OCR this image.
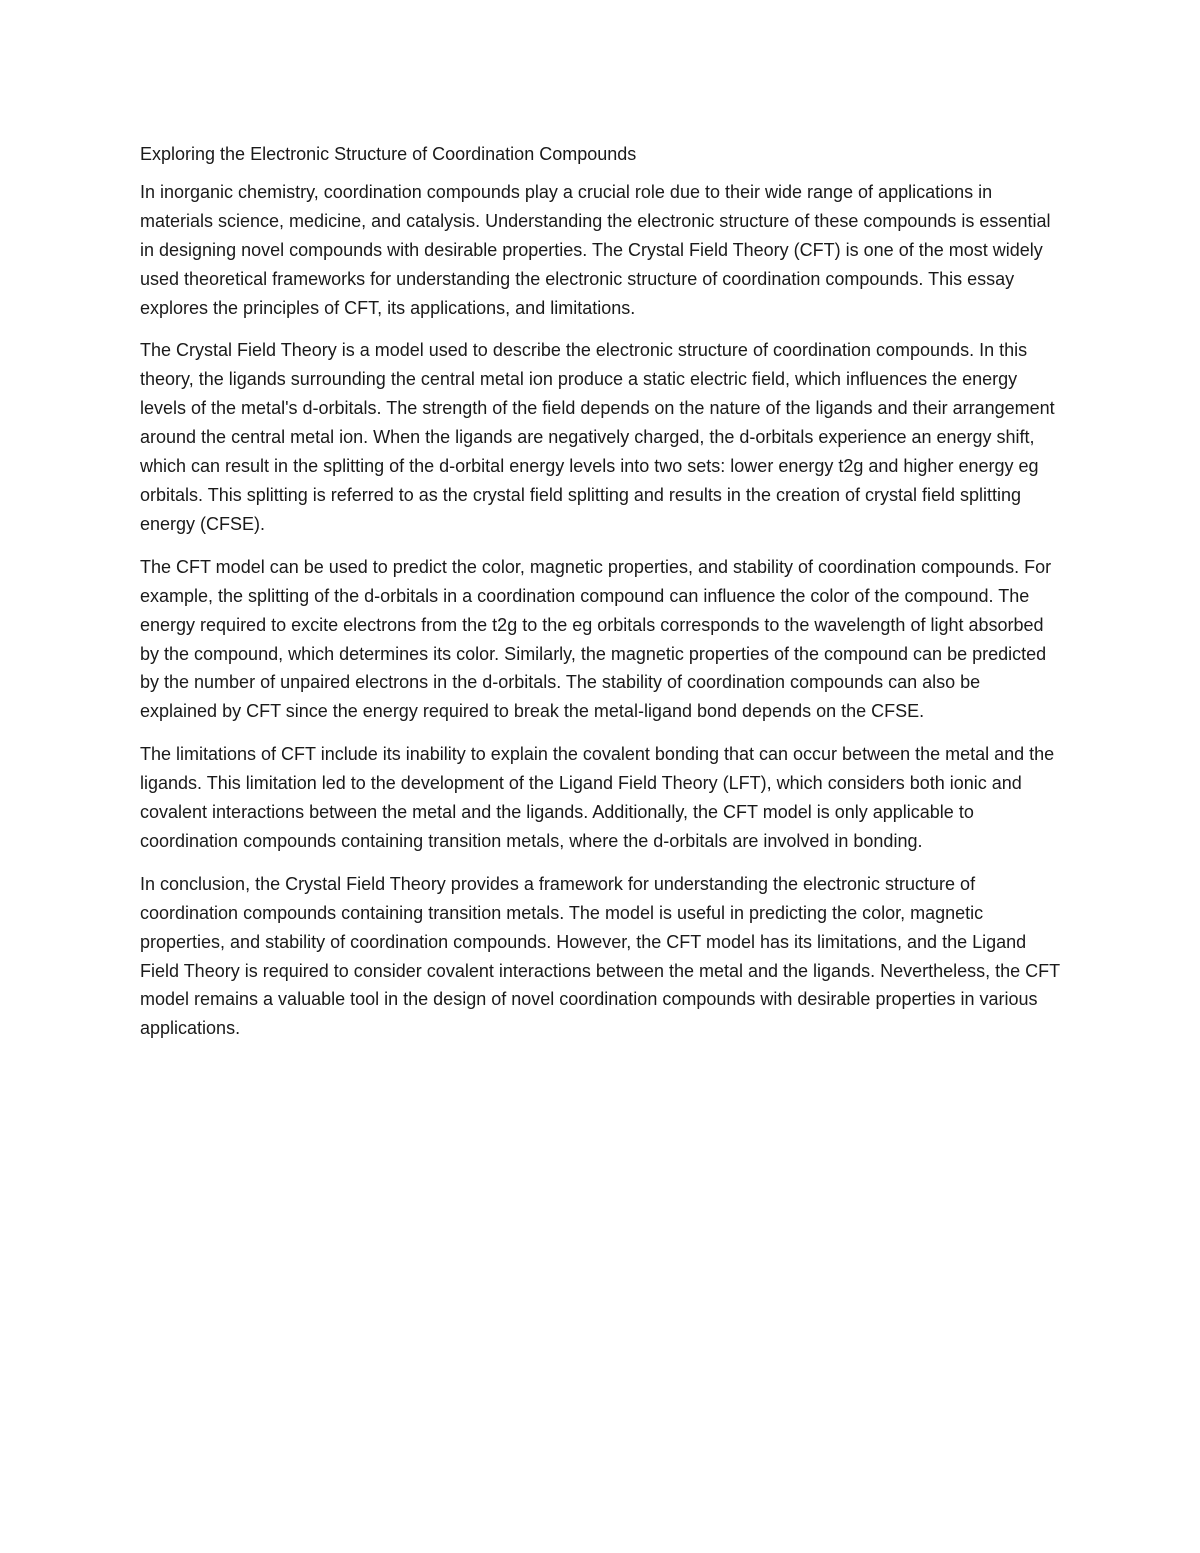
Exploring the Electronic Structure of Coordination Compounds

In inorganic chemistry, coordination compounds play a crucial role due to their wide range of applications in materials science, medicine, and catalysis. Understanding the electronic structure of these compounds is essential in designing novel compounds with desirable properties. The Crystal Field Theory (CFT) is one of the most widely used theoretical frameworks for understanding the electronic structure of coordination compounds. This essay explores the principles of CFT, its applications, and limitations.

The Crystal Field Theory is a model used to describe the electronic structure of coordination compounds. In this theory, the ligands surrounding the central metal ion produce a static electric field, which influences the energy levels of the metal's d-orbitals. The strength of the field depends on the nature of the ligands and their arrangement around the central metal ion. When the ligands are negatively charged, the d-orbitals experience an energy shift, which can result in the splitting of the d-orbital energy levels into two sets: lower energy t2g and higher energy eg orbitals. This splitting is referred to as the crystal field splitting and results in the creation of crystal field splitting energy (CFSE).

The CFT model can be used to predict the color, magnetic properties, and stability of coordination compounds. For example, the splitting of the d-orbitals in a coordination compound can influence the color of the compound. The energy required to excite electrons from the t2g to the eg orbitals corresponds to the wavelength of light absorbed by the compound, which determines its color. Similarly, the magnetic properties of the compound can be predicted by the number of unpaired electrons in the d-orbitals. The stability of coordination compounds can also be explained by CFT since the energy required to break the metal-ligand bond depends on the CFSE.

The limitations of CFT include its inability to explain the covalent bonding that can occur between the metal and the ligands. This limitation led to the development of the Ligand Field Theory (LFT), which considers both ionic and covalent interactions between the metal and the ligands. Additionally, the CFT model is only applicable to coordination compounds containing transition metals, where the d-orbitals are involved in bonding.

In conclusion, the Crystal Field Theory provides a framework for understanding the electronic structure of coordination compounds containing transition metals. The model is useful in predicting the color, magnetic properties, and stability of coordination compounds. However, the CFT model has its limitations, and the Ligand Field Theory is required to consider covalent interactions between the metal and the ligands. Nevertheless, the CFT model remains a valuable tool in the design of novel coordination compounds with desirable properties in various applications.
